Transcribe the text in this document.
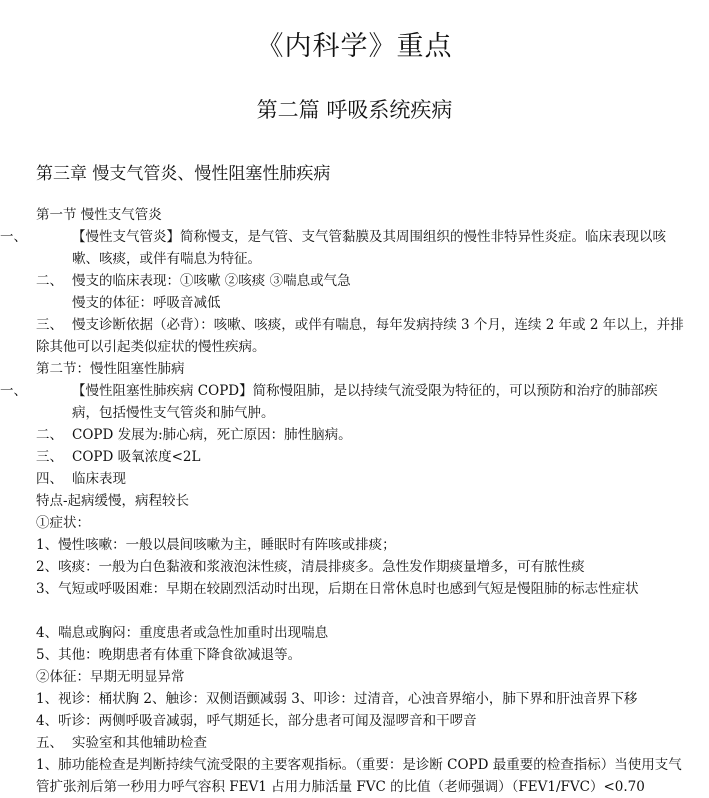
《内科学》重点
第二篇 呼吸系统疾病
第三章 慢支气管炎、慢性阻塞性肺疾病
第一节 慢性支气管炎
一、	【慢性支气管炎】简称慢支，是气管、支气管黏膜及其周围组织的慢性非特异性炎症。临床表现以咳嗽、咳痰，或伴有喘息为特征。
二、 慢支的临床表现：①咳嗽 ②咳痰 ③喘息或气急
慢支的体征：呼吸音减低
三、 慢支诊断依据（必背）：咳嗽、咳痰，或伴有喘息，每年发病持续 3 个月，连续 2 年或 2 年以上，并排除其他可以引起类似症状的慢性疾病。
第二节：慢性阻塞性肺病
一、	【慢性阻塞性肺疾病 COPD】简称慢阻肺，是以持续气流受限为特征的，可以预防和治疗的肺部疾病，包括慢性支气管炎和肺气肿。
二、 COPD 发展为:肺心病，死亡原因：肺性脑病。
三、 COPD 吸氧浓度<2L
四、 临床表现
特点-起病缓慢，病程较长
①症状：
1、慢性咳嗽：一般以晨间咳嗽为主，睡眠时有阵咳或排痰；
2、咳痰：一般为白色黏液和浆液泡沫性痰，清晨排痰多。急性发作期痰量增多，可有脓性痰
3、气短或呼吸困难：早期在较剧烈活动时出现，后期在日常休息时也感到气短是慢阻肺的标志性症状
4、喘息或胸闷：重度患者或急性加重时出现喘息
5、其他：晚期患者有体重下降食欲减退等。
②体征：早期无明显异常
1、视诊：桶状胸 2、触诊：双侧语颤减弱 3、叩诊：过清音，心浊音界缩小，肺下界和肝浊音界下移
4、听诊：两侧呼吸音减弱，呼气期延长，部分患者可闻及湿啰音和干啰音
五、 实验室和其他辅助检查
1、肺功能检查是判断持续气流受限的主要客观指标。（重要：是诊断 COPD 最重要的检查指标）当使用支气管扩张剂后第一秒用力呼气容积 FEV1 占用力肺活量 FVC 的比值（老师强调）（FEV1/FVC）<0.70
